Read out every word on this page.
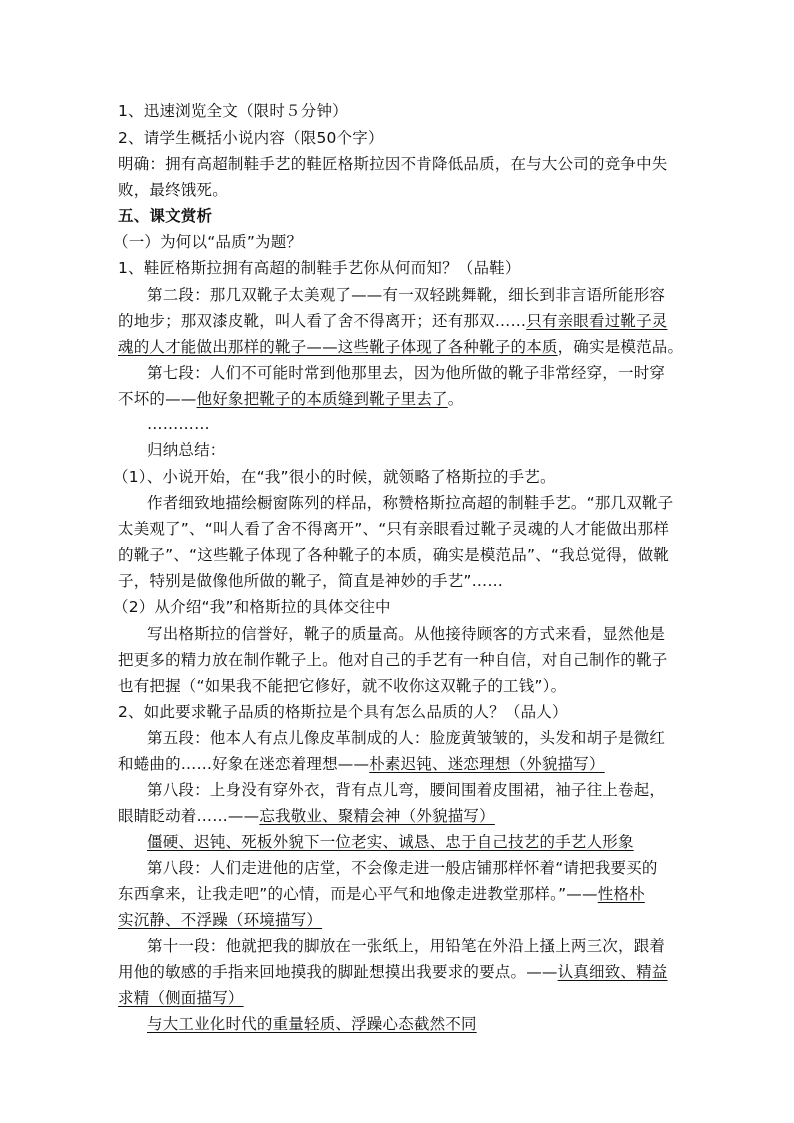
1、迅速浏览全文（限时５分钟）
2、请学生概括小说内容（限50个字）
明确：拥有高超制鞋手艺的鞋匠格斯拉因不肯降低品质，在与大公司的竞争中失
败，最终饿死。
五、课文赏析
（一）为何以“品质”为题？
1、鞋匠格斯拉拥有高超的制鞋手艺你从何而知？（品鞋）
第二段：那几双靴子太美观了——有一双轻跳舞靴，细长到非言语所能形容
的地步；那双漆皮靴，叫人看了舍不得离开；还有那双……只有亲眼看过靴子灵
魂的人才能做出那样的靴子——这些靴子体现了各种靴子的本质，确实是模范品。
第七段：人们不可能时常到他那里去，因为他所做的靴子非常经穿，一时穿
不坏的——他好象把靴子的本质缝到靴子里去了。
…………
归纳总结：
（1）、小说开始，在“我”很小的时候，就领略了格斯拉的手艺。
作者细致地描绘橱窗陈列的样品，称赞格斯拉高超的制鞋手艺。“那几双靴子
太美观了”、“叫人看了舍不得离开”、“只有亲眼看过靴子灵魂的人才能做出那样
的靴子”、“这些靴子体现了各种靴子的本质，确实是模范品”、“我总觉得，做靴
子，特别是做像他所做的靴子，简直是神妙的手艺”……
（2）从介绍“我”和格斯拉的具体交往中
写出格斯拉的信誉好，靴子的质量高。从他接待顾客的方式来看，显然他是
把更多的精力放在制作靴子上。他对自己的手艺有一种自信，对自己制作的靴子
也有把握（“如果我不能把它修好，就不收你这双靴子的工钱”）。
2、如此要求靴子品质的格斯拉是个具有怎么品质的人？（品人）
第五段：他本人有点儿像皮革制成的人：脸庞黄皱皱的，头发和胡子是微红
和蜷曲的……好象在迷恋着理想——朴素迟钝、迷恋理想（外貌描写）
第八段：上身没有穿外衣，背有点儿弯，腰间围着皮围裙，袖子往上卷起，
眼睛眨动着……——忘我敬业、聚精会神（外貌描写）
僵硬、迟钝、死板外貌下一位老实、诚恳、忠于自己技艺的手艺人形象
第八段：人们走进他的店堂，不会像走进一般店铺那样怀着“请把我要买的
东西拿来，让我走吧”的心情，而是心平气和地像走进教堂那样。”——性格朴
实沉静、不浮躁（环境描写）
第十一段：他就把我的脚放在一张纸上，用铅笔在外沿上搔上两三次，跟着
用他的敏感的手指来回地摸我的脚趾想摸出我要求的要点。——认真细致、精益
求精（侧面描写）
与大工业化时代的重量轻质、浮躁心态截然不同
